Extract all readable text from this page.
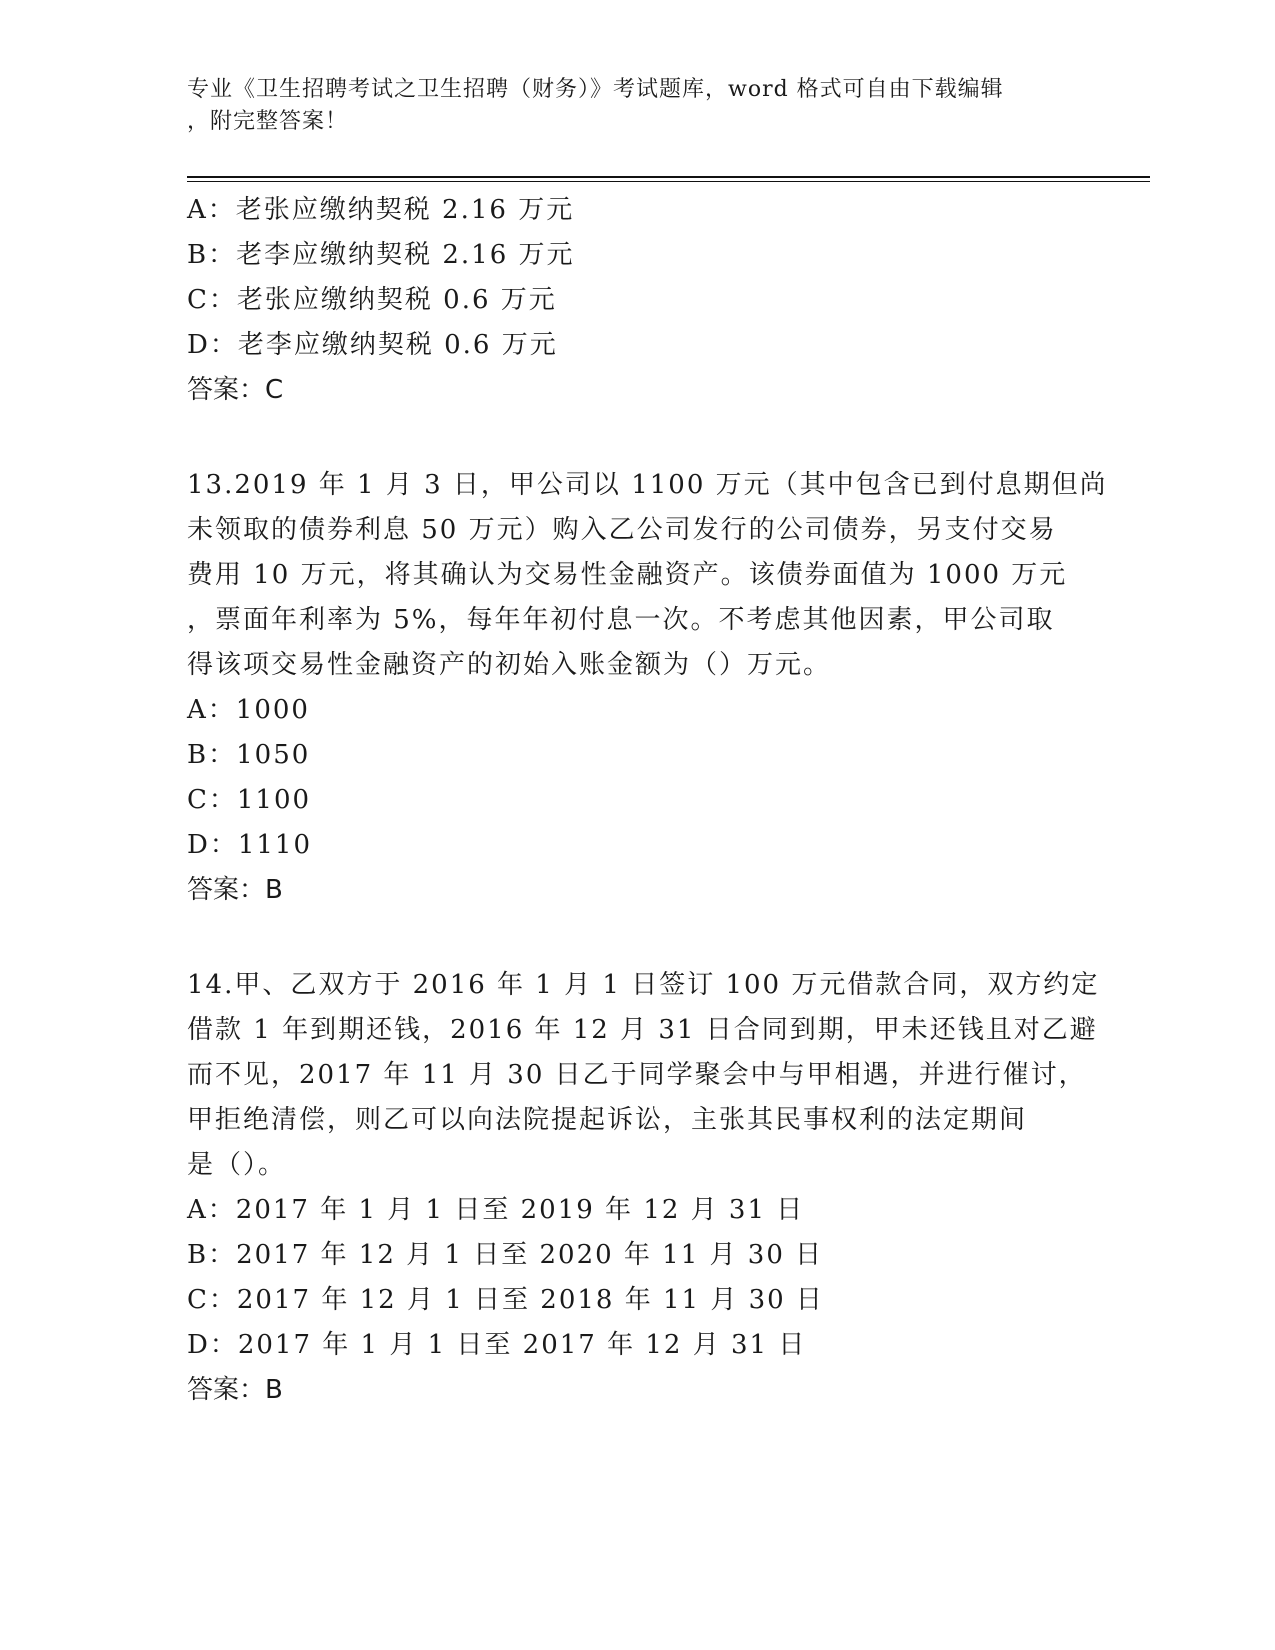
专业《卫生招聘考试之卫生招聘（财务）》考试题库，word 格式可自由下载编辑
，附完整答案！
A：老张应缴纳契税 2.16 万元
B：老李应缴纳契税 2.16 万元
C：老张应缴纳契税 0.6 万元
D：老李应缴纳契税 0.6 万元
答案：C
13.2019 年 1 月 3 日，甲公司以 1100 万元（其中包含已到付息期但尚
未领取的债券利息 50 万元）购入乙公司发行的公司债券，另支付交易
费用 10 万元，将其确认为交易性金融资产。该债券面值为 1000 万元
，票面年利率为 5%，每年年初付息一次。不考虑其他因素，甲公司取
得该项交易性金融资产的初始入账金额为（）万元。
A：1000
B：1050
C：1100
D：1110
答案：B
14.甲、乙双方于 2016 年 1 月 1 日签订 100 万元借款合同，双方约定
借款 1 年到期还钱，2016 年 12 月 31 日合同到期，甲未还钱且对乙避
而不见，2017 年 11 月 30 日乙于同学聚会中与甲相遇，并进行催讨，
甲拒绝清偿，则乙可以向法院提起诉讼，主张其民事权利的法定期间
是（）。
A：2017 年 1 月 1 日至 2019 年 12 月 31 日
B：2017 年 12 月 1 日至 2020 年 11 月 30 日
C：2017 年 12 月 1 日至 2018 年 11 月 30 日
D：2017 年 1 月 1 日至 2017 年 12 月 31 日
答案：B
